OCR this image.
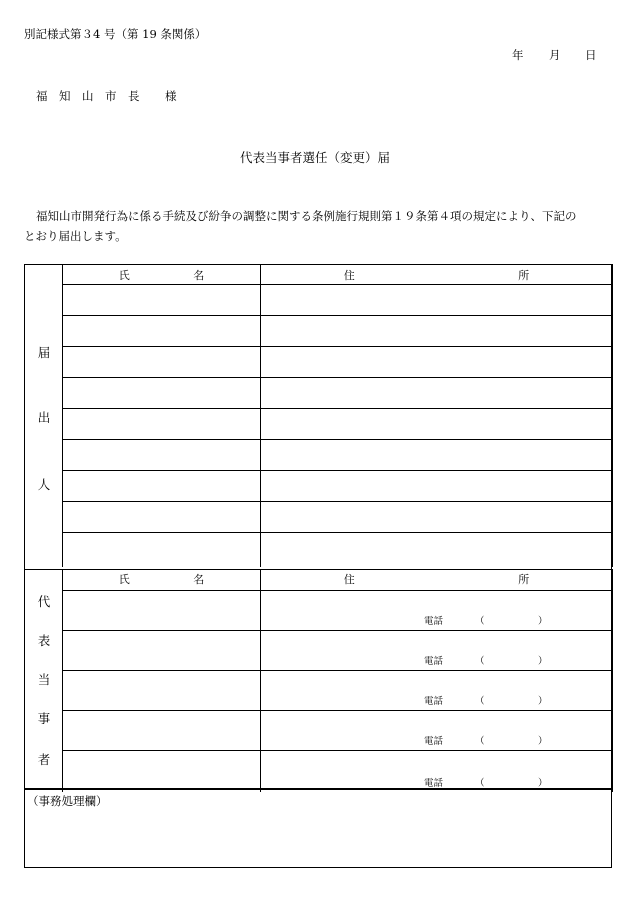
別記様式第３4 号（第 19 条関係）
年 月 日
福　知　山　市　長 様
代表当事者選任（変更）届
福知山市開発行為に係る手続及び紛争の調整に関する条例施行規則第１９条第４項の規定により、下記の
とおり届出します。
届
出
人
氏 名	住 所

代
表
当
事
者
氏 名	住 所

	電話 （ ）

	電話 （ ）

	電話 （ ）

	電話 （ ）

	電話 （ ）
（事務処理欄）
